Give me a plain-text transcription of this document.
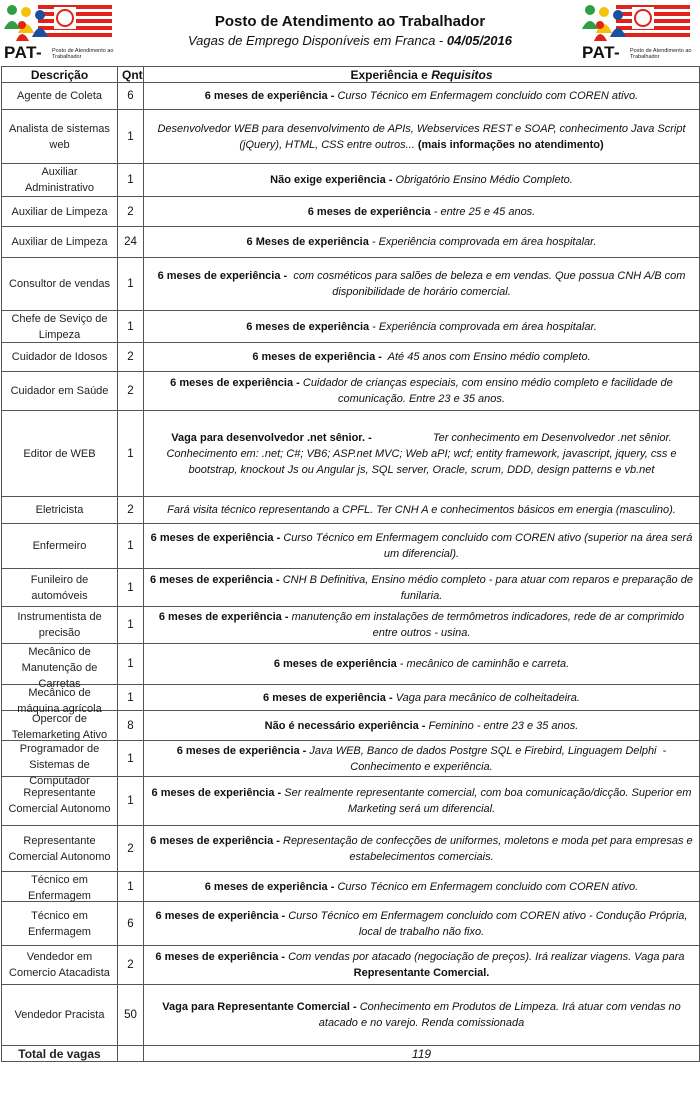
PAT- Posto de Atendimento ao Trabalhador
Posto de Atendimento ao Trabalhador
Vagas de Emprego Disponíveis em Franca - 04/05/2016
PAT- Posto de Atendimento ao Trabalhador
Descrição	Qnt	Experiência e Requisitos

Agente de Coleta	6	6 meses de experiência - Curso Técnico em Enfermagem concluido com COREN ativo.

Analista de sistemas web	1	Desenvolvedor WEB para desenvolvimento de APIs, Webservices REST e SOAP, conhecimento Java Script (jQuery), HTML, CSS entre outros... (mais informações no atendimento)

Auxiliar Administrativo	1	Não exige experiência - Obrigatório Ensino Médio Completo.

Auxiliar de Limpeza	2	6 meses de experiência - entre 25 e 45 anos.

Auxiliar de Limpeza	24	6 Meses de experiência - Experiência comprovada em área hospitalar.

Consultor de vendas	1	6 meses de experiência -  com cosméticos para salões de beleza e em vendas. Que possua CNH A/B com disponibilidade de horário comercial.

Chefe de Seviço de Limpeza	1	6 meses de experiência - Experiência comprovada em área hospitalar.

Cuidador de Idosos	2	6 meses de experiência -  Até 45 anos com Ensino médio completo.

Cuidador em Saúde	2	6 meses de experiência - Cuidador de crianças especiais, com ensino médio completo e facilidade de comunicação. Entre 23 e 35 anos.

Editor de WEB	1	Vaga para desenvolvedor .net sênior. -                    Ter conhecimento em Desenvolvedor .net sênior. Conhecimento em: .net; C#; VB6; ASP.net MVC; Web aPI; wcf; entity framework, javascript, jquery, css e bootstrap, knockout Js ou Angular js, SQL server, Oracle, scrum, DDD, design patterns e vb.net

Eletricista	2	Fará visita técnico representando a CPFL. Ter CNH A e conhecimentos básicos em energia (masculino).

Enfermeiro	1	6 meses de experiência - Curso Técnico em Enfermagem concluido com COREN ativo (superior na área será um diferencial).

Funileiro de automóveis	1	6 meses de experiência - CNH B Definitiva, Ensino médio completo - para atuar com reparos e preparação de funilaria.

Instrumentista de precisão	1	6 meses de experiência - manutenção em instalações de termômetros indicadores, rede de ar comprimido entre outros - usina.

Mecânico de Manutenção de Carretas	1	6 meses de experiência - mecânico de caminhão e carreta.

Mecânico de máquina agrícola	1	6 meses de experiência - Vaga para mecânico de colheitadeira.

Opercor de Telemarketing Ativo	8	Não é necessário experiência - Feminino - entre 23 e 35 anos.

Programador de Sistemas de Computador	1	6 meses de experiência - Java WEB, Banco de dados Postgre SQL e Firebird, Linguagem Delphi  - Conhecimento e experiência.

Representante Comercial Autonomo	1	6 meses de experiência - Ser realmente representante comercial, com boa comunicação/dicção. Superior em Marketing será um diferencial.

Representante Comercial Autonomo	2	6 meses de experiência - Representação de confecções de uniformes, moletons e moda pet para empresas e estabelecimentos comerciais.

Técnico em Enfermagem	1	6 meses de experiência - Curso Técnico em Enfermagem concluido com COREN ativo.

Técnico em Enfermagem	6	6 meses de experiência - Curso Técnico em Enfermagem concluido com COREN ativo - Condução Própria, local de trabalho não fixo.

Vendedor em Comercio Atacadista	2	6 meses de experiência - Com vendas por atacado (negociação de preços). Irá realizar viagens. Vaga para  Representante Comercial.

Vendedor Pracista	50	Vaga para Representante Comercial - Conhecimento em Produtos de Limpeza. Irá atuar com vendas no atacado e no varejo. Renda comissionada

Total de vagas		119
